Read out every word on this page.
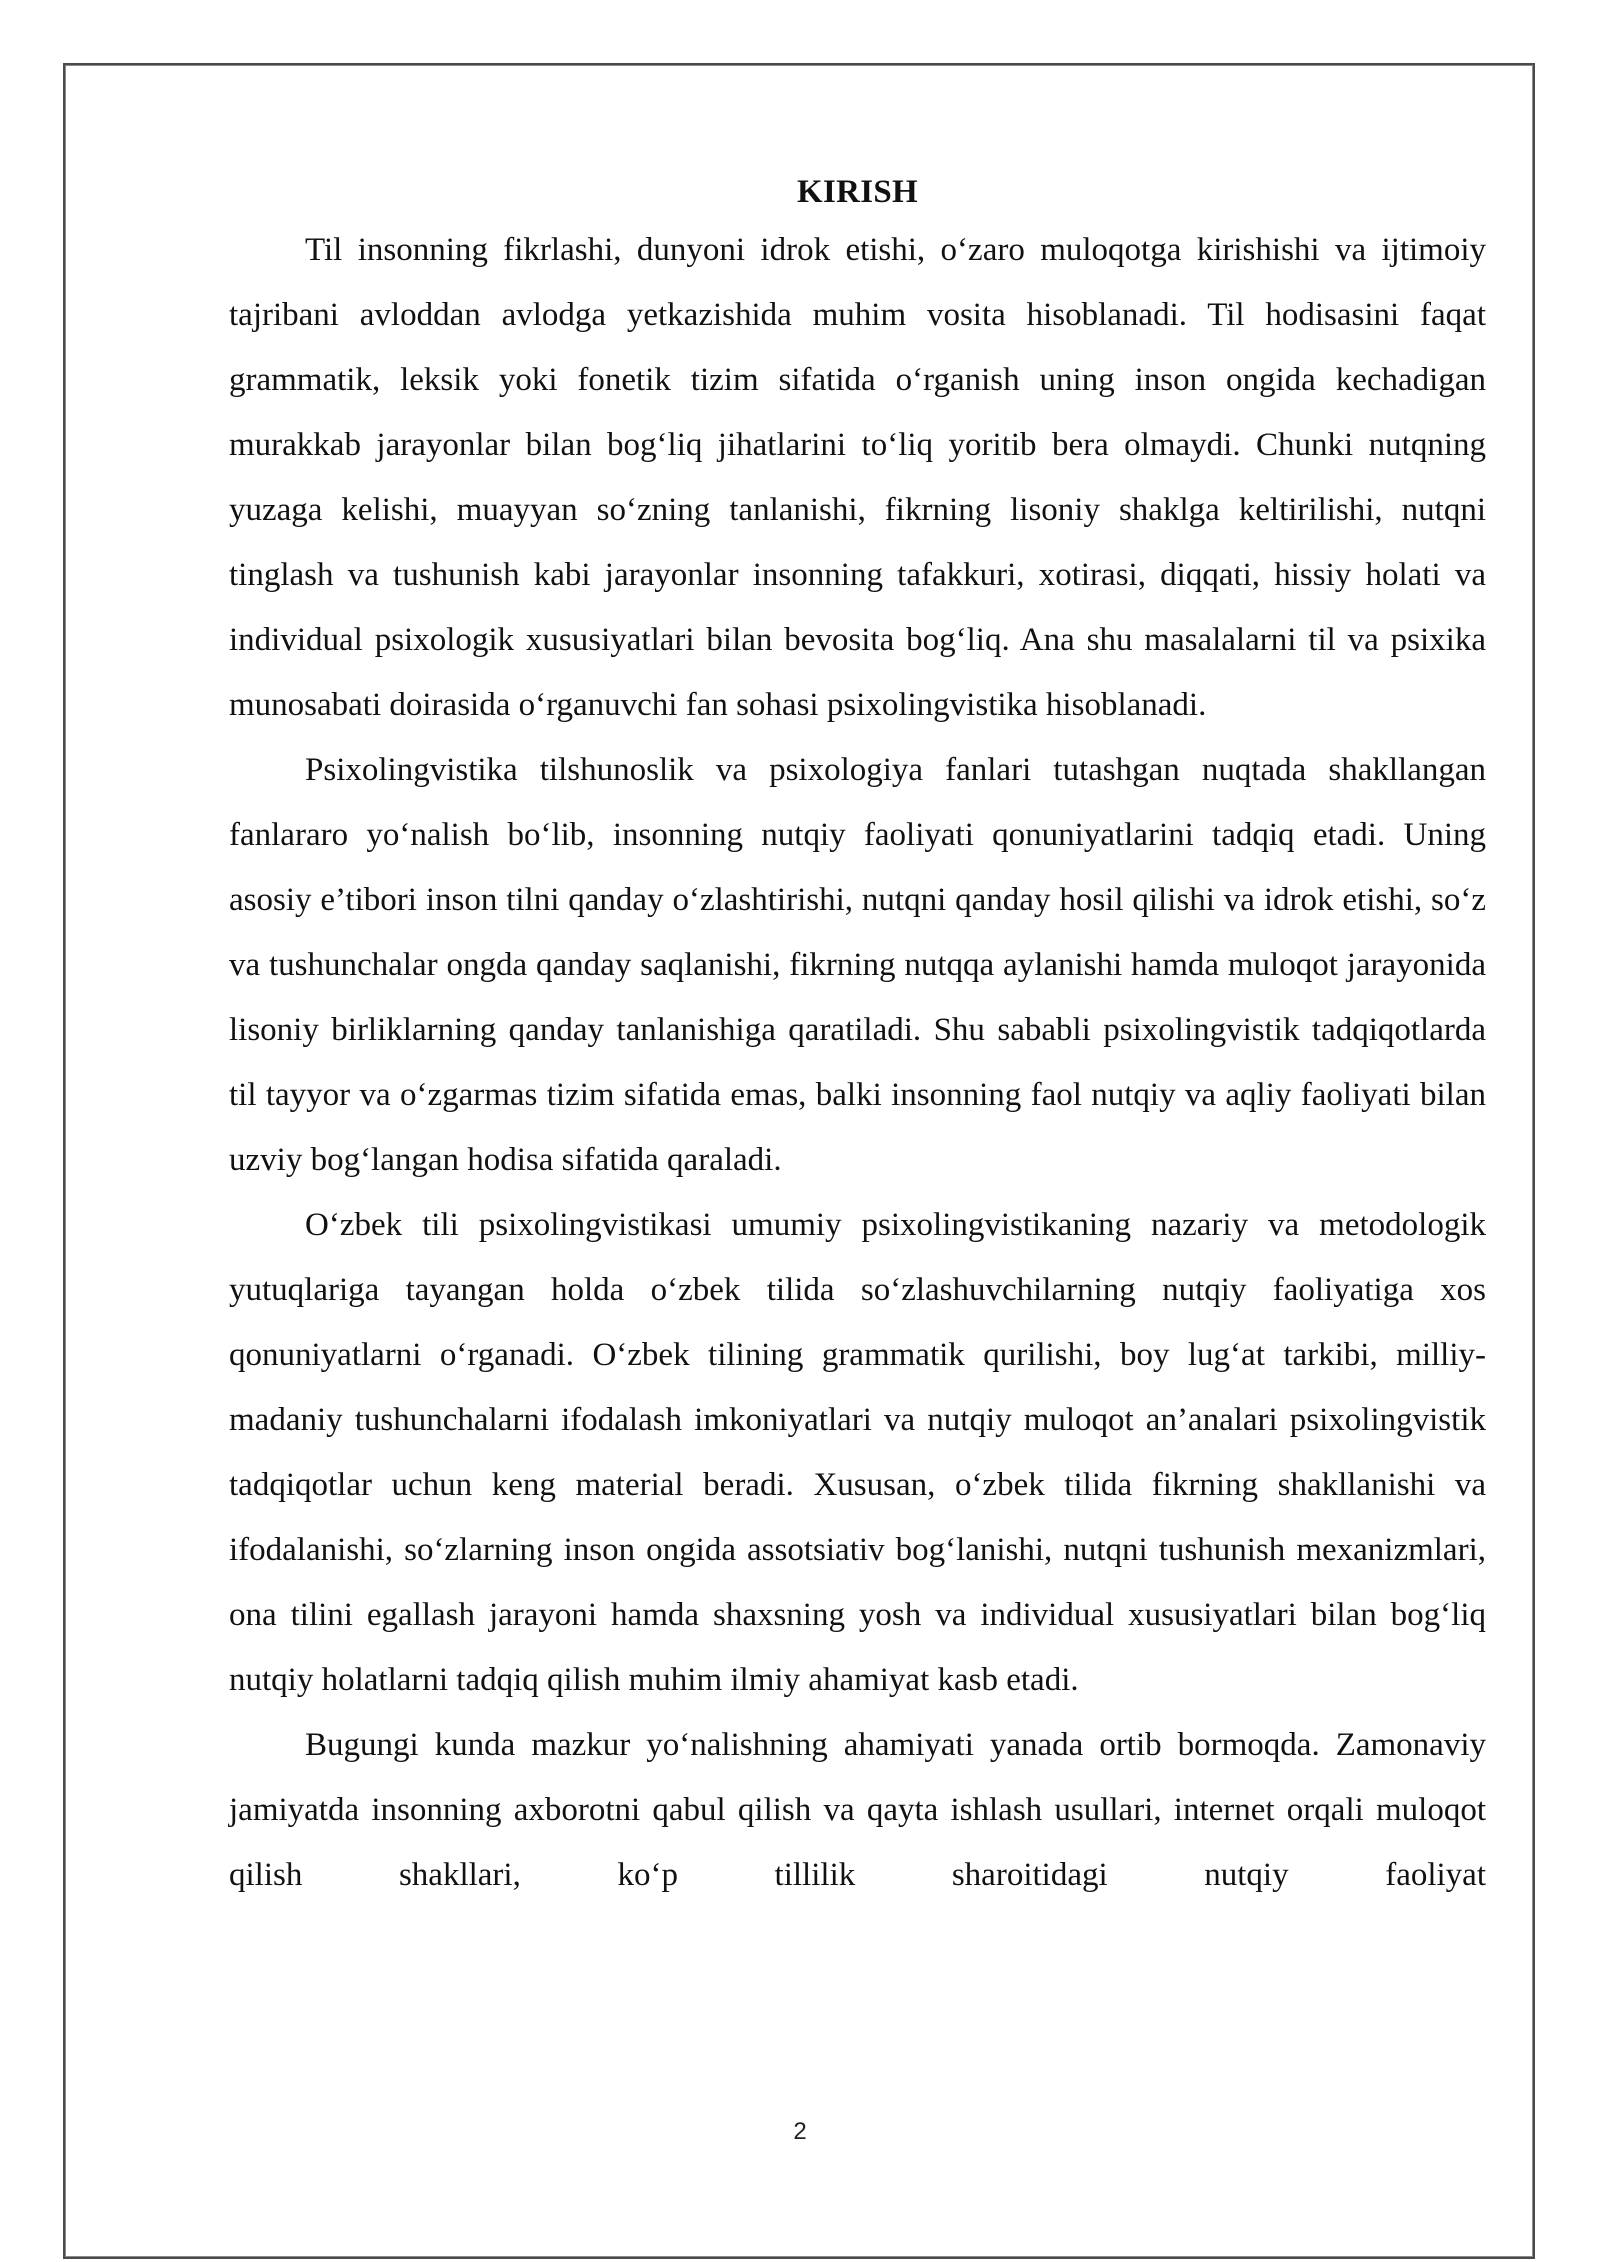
KIRISH

Til insonning fikrlashi, dunyoni idrok etishi, o‘zaro muloqotga kirishishi va ijtimoiy tajribani avloddan avlodga yetkazishida muhim vosita hisoblanadi. Til hodisasini faqat grammatik, leksik yoki fonetik tizim sifatida o‘rganish uning inson ongida kechadigan murakkab jarayonlar bilan bog‘liq jihatlarini to‘liq yoritib bera olmaydi. Chunki nutqning yuzaga kelishi, muayyan so‘zning tanlanishi, fikrning lisoniy shaklga keltirilishi, nutqni tinglash va tushunish kabi jarayonlar insonning tafakkuri, xotirasi, diqqati, hissiy holati va individual psixologik xususiyatlari bilan bevosita bog‘liq. Ana shu masalalarni til va psixika munosabati doirasida o‘rganuvchi fan sohasi psixolingvistika hisoblanadi.

Psixolingvistika tilshunoslik va psixologiya fanlari tutashgan nuqtada shakllangan fanlararo yo‘nalish bo‘lib, insonning nutqiy faoliyati qonuniyatlarini tadqiq etadi. Uning asosiy e’tibori inson tilni qanday o‘zlashtirishi, nutqni qanday hosil qilishi va idrok etishi, so‘z va tushunchalar ongda qanday saqlanishi, fikrning nutqqa aylanishi hamda muloqot jarayonida lisoniy birliklarning qanday tanlanishiga qaratiladi. Shu sababli psixolingvistik tadqiqotlarda til tayyor va o‘zgarmas tizim sifatida emas, balki insonning faol nutqiy va aqliy faoliyati bilan uzviy bog‘langan hodisa sifatida qaraladi.

O‘zbek tili psixolingvistikasi umumiy psixolingvistikaning nazariy va metodologik yutuqlariga tayangan holda o‘zbek tilida so‘zlashuvchilarning nutqiy faoliyatiga xos qonuniyatlarni o‘rganadi. O‘zbek tilining grammatik qurilishi, boy lug‘at tarkibi, milliy-madaniy tushunchalarni ifodalash imkoniyatlari va nutqiy muloqot an’analari psixolingvistik tadqiqotlar uchun keng material beradi. Xususan, o‘zbek tilida fikrning shakllanishi va ifodalanishi, so‘zlarning inson ongida assotsiativ bog‘lanishi, nutqni tushunish mexanizmlari, ona tilini egallash jarayoni hamda shaxsning yosh va individual xususiyatlari bilan bog‘liq nutqiy holatlarni tadqiq qilish muhim ilmiy ahamiyat kasb etadi.

Bugungi kunda mazkur yo‘nalishning ahamiyati yanada ortib bormoqda. Zamonaviy jamiyatda insonning axborotni qabul qilish va qayta ishlash usullari, internet orqali muloqot qilish shakllari, ko‘p tillilik sharoitidagi nutqiy faoliyat

2
